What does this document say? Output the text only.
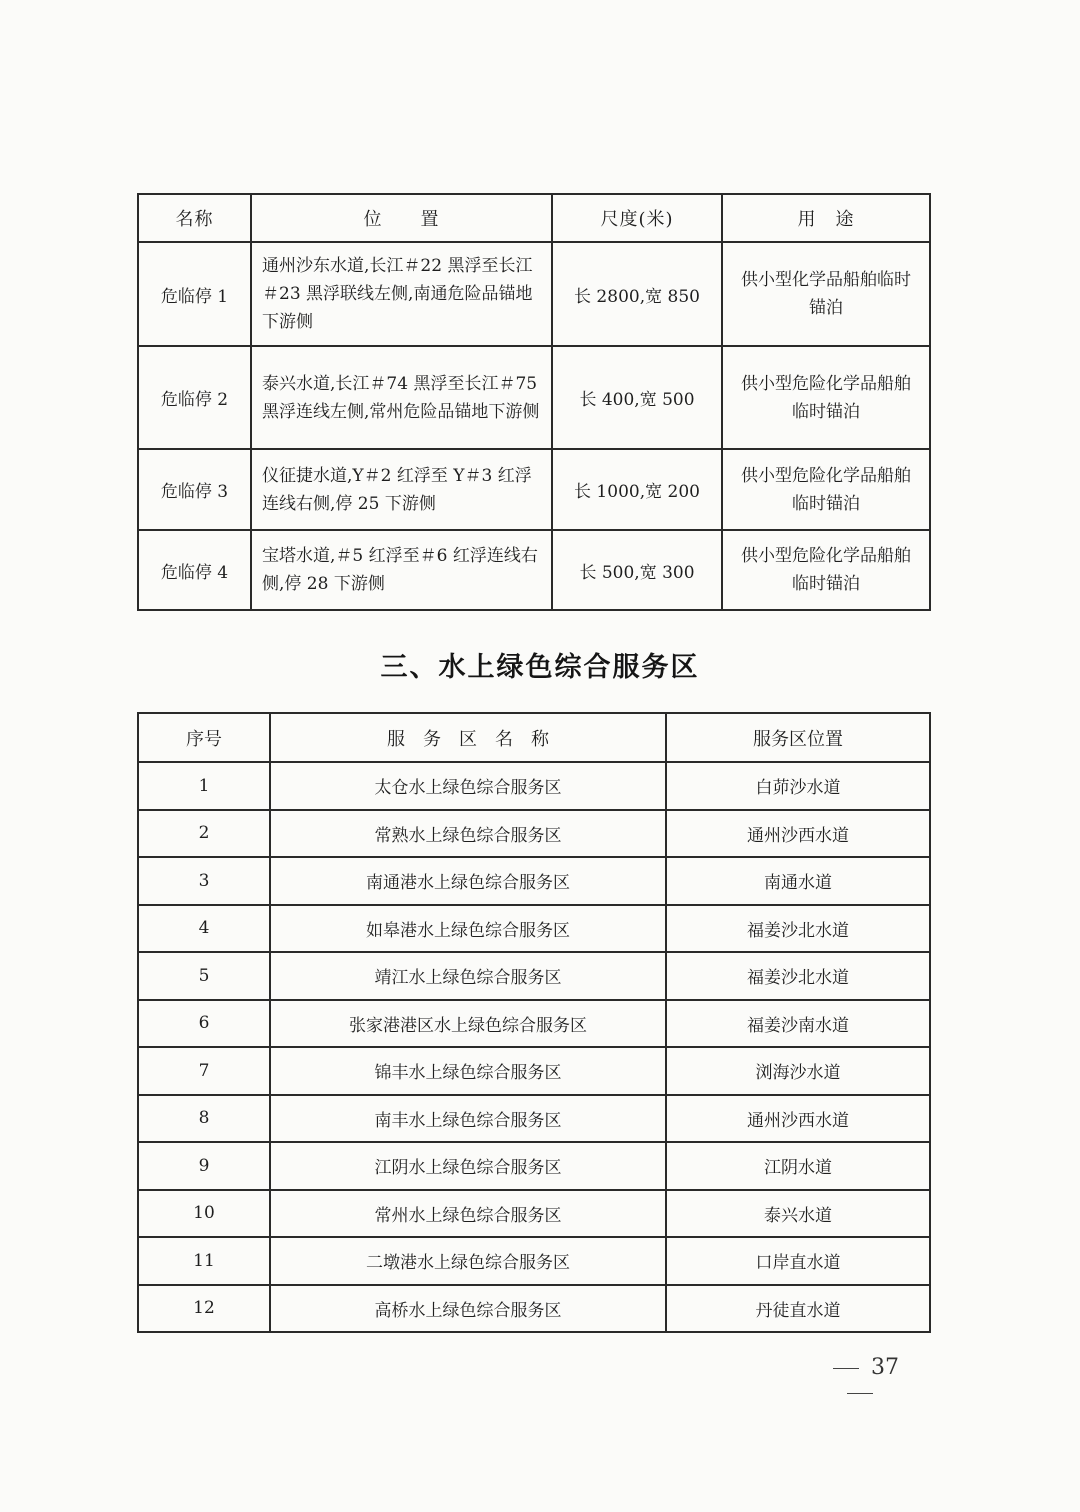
名称	位　　置	尺度(米)	用　途
危临停 1	通州沙东水道,长江＃22 黑浮至长江＃23 黑浮联线左侧,南通危险品锚地下游侧	长 2800,宽 850	供小型化学品船舶临时锚泊
危临停 2	泰兴水道,长江＃74 黑浮至长江＃75 黑浮连线左侧,常州危险品锚地下游侧	长 400,宽 500	供小型危险化学品船舶临时锚泊
危临停 3	仪征捷水道,Y＃2 红浮至 Y＃3 红浮连线右侧,停 25 下游侧	长 1000,宽 200	供小型危险化学品船舶临时锚泊
危临停 4	宝塔水道,＃5 红浮至＃6 红浮连线右侧,停 28 下游侧	长 500,宽 300	供小型危险化学品船舶临时锚泊
三、水上绿色综合服务区
序号	服　务　区　名　称	服务区位置
1	太仓水上绿色综合服务区	白茆沙水道
2	常熟水上绿色综合服务区	通州沙西水道
3	南通港水上绿色综合服务区	南通水道
4	如皋港水上绿色综合服务区	福姜沙北水道
5	靖江水上绿色综合服务区	福姜沙北水道
6	张家港港区水上绿色综合服务区	福姜沙南水道
7	锦丰水上绿色综合服务区	浏海沙水道
8	南丰水上绿色综合服务区	通州沙西水道
9	江阴水上绿色综合服务区	江阴水道
10	常州水上绿色综合服务区	泰兴水道
11	二墩港水上绿色综合服务区	口岸直水道
12	高桥水上绿色综合服务区	丹徒直水道
37
